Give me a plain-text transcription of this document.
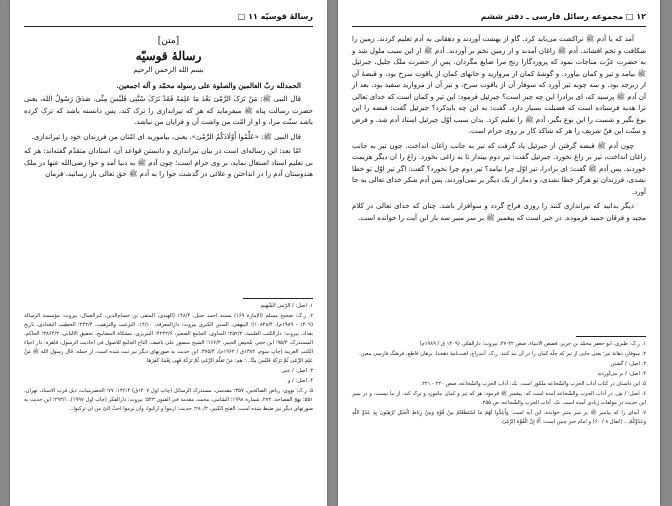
رسالهٔ قوسیّه ۱۱ □

[متن]

رسالهٔ قوسیّه

بسم الله الرحمن الرحیم

الحمدلله ربّ العالمین والصلوة علی رسوله محمّد و آله اجمعین.

قال النبی ﷺ: مَنْ تَرَکَ الرَّمْیَ بَعْدَ مَا عَلِمَهُ فَقَدْ تَرَکَ سُنَّتِی فَلَیْسَ مِنِّی. صَدَقَ رَسُولُ الله، یعنی حضرت رسالت پناه ﷺ میفرماید که هر که تیراندازی را ترک کند، پس دانسته باشد که ترک کرده باشد سنّت مرا، و او از امّت من واشت آن و فرایان من نباشد.

قال النبی ﷺ: «عَلِّمُوا أَوْلَادَکُمُ الرَّمْیَ». یعنی، بیاموزید ای امّتان من فرزندان خود را تیراندازی.

امّا بعد: این رساله‌ای است در بیان تیراندازی و دانستن قواعد آن، استادان متقدّم گفته‌اند: هر که بی تعلیم استاد اشتغال نماید، بر وی حرام است؛ چون آدم ﷺ به دنیا آمد و حوا رضی‌الله عنها در ملک هندوستان آدم را در انداختن و علائی در گذشت حوا را به آدم ﷺ حق تعالی باز رسانید، فرمان

۱. اصل: / الرّمی الشّهیم
۲. ر.ک: صحیح مسلم (الإمارة ۱۶۹) مسند احمد حنبل، ۱۴۸/۴ (الهندی، المتقی بن حسام‌الدین، کنزالعمال، بیروت: مؤسسة الرسالة (۱۴۰۹ - ۱۹۸۹م)، ۱۰۸۴۸/۴)؛ البیهقی، السنن الکبری بیروت: دارالمعرفة، ۱۴/۱۰، الترغیب والترهیب، ۲۴۲/۴؛ الخطیب البغدادی، تاریخ بغداد، بیروت: دارالکتب العلمیة، ۲۵۲/۲؛ المناوی، الجامع الصغیر، ۴۲۴۲/۶؛ التبریزی، مشکاة المصابیح، تحقیق الالبانی، ۳۸۶۴/۲؛ الحاکم، المستدرک، ۹۵/۲؛ ابن حجر، تلخیص الحبیر، ۱۶۶/۴؛ الشیخ منصور علی ناصف، التاج الجامع للاصول فی احادیث الرسول، قاهره: دار احیاء الکتب العربیة (چاپ سوم، ۱۳۸۲ق / ۱۹۶۲م)، ۳۷۵/۴. این حدیث به صورتهای دیگر نیز ثبت شده است، از جمله: قال رسول الله ﷺ مَنْ عَلِمَ الرَّمْیَ ثُمَّ تَرَکَهُ فَلَیْسَ مِنَّا...؛ هم: مَنْ تَعَلَّمَ الرَّمْیَ ثُمَّ تَرَکَهُ فَهِیَ نِعْمَةٌ کَفَرَهَا.
۳. اصل: / عنی
۴. اصل: / و
۵. ر.ک: نووی، ریاض الصالحین، ۳۵۷؛ مقدسی، مستدرک الرسائل (چاپ اول ۱۴۰۷ق) ۱۳/۱۴: ۷۷؛ الحضرمیات، ذیل قرب الاسناد، تهران، ۵۵۱؛ نهج الفصاحة، ۲۷۲، شماره ۱۹۹۸؛ الشامی، محمد، مقدمة فی الفنون ۵۴۳؛ بیروت: دارالفکر (چاپ اول ۱۹۹۷)، ۲۹۳/۱؛ این حدیث به صورتهای دیگر نیز ضبط شده است: الفتح الکبیر، ۲۸۰/۲؛ حدیث: ارموا و ارکبوا، وان ترموا احبّ الیّ من ان ترکبوا...
۱۲ □ مجموعه رسائل فارسی ـ دفتر ششم

آمد که یا آدم ﷺ تراکشت می‌باید کرد. گاو از بهشت آوردند و دهقانی به آدم تعلیم کردند. زمین را شکافت و تخم افشاند. آدم ﷺ زاغان آمدند و از زمین تخم بر آوردند. آدم ﷺ از این سبب ملول شد و به حضرت عزّت مناجات نمود که پروردگارا رنج مرا ضایع مگردان. پس از حضرت ملک جلیل، جبرئیل ﷺ بیامد و تیر و کمان بیاورد. و گوشهٔ کمان از مروارید و خانهای کمان از یاقوت سرخ بود، و قبضهٔ آن از زبرجد بود. و سه چوبه تیر آورد که سوفار آن از یاقوت سرخ، و نیز آن از مروارید سفید بود. بعد از آن آدم ﷺ پرسید که، ای برادرا این چه چیز است؟ جبرئیل فرمود: این تیر و کمان است که خدای تعالی ترا هدیه فرستاده است که فضیلت بسیار دارد. گفت: به این چه بایدکرد؟ جبرئیل گفت: قبضه را این نوع بگیر و شست را این نوع بگیر، آدم ﷺ را تعلیم کرد. بدان سبب اوّل جبرئیل استاد آدم شد. و فرض و سنّت این فنّ شریف را هر که شاکد کار بر روی حرام است.

چون آدم ﷺ قبضه گرفتن از جبرئیل یاد گرفت که تیر به جانب زاغان انداخت. چون تیر به جانب زاغان انداخت، تیر بر زاغ نخورد. جبرئیل گفت: تیر دوم بینداز تا به زاغی بخورد. زاغ را ان دیگر هزیمت خوردند. پس آدم ﷺ گفت: ای برادرا، تیر اوّل چرا نیامد؟ تیر دوم چرا نخورد؟ گفت: اگر تیر اوّل تو خطا نشدی، فرزندان تو هرگز خطا نشدی، و دمار از یک دیگر بر نمی‌آوردند. پس آدم شکر خدای تعالی به جا آورد.

دیگر بدانید که تیراندازی کنند را روزی فراخ گردد و سوافزار باشد. چنان که خدای تعالی در کلام مجید و فرقان حمید فرموده. در خبر است که پیغمبر ﷺ بر سر منبر سه بار این آیت را خوانده است.

۱. ر.ک: طبری، ابو جعفر محمّد بن جریر، قصص الانبیاء، صص ۴۲-۴۷، بیروت: دارالفکر، (۱۴۰۹ ق / ۱۹۸۹م)
۲. سوفار، دهانهٔ تیر؛ یعنی جایی از تیر که چلّه کمان را در آن بند کنند. ر.ک. آنندراج، لغت‌نامهٔ دهخدا، برهان قاطع، فرهنگ فارسی معین.
۳. اصل: / گشتن
۴. اصل: / بر می‌آوردند
۵. این داستان در کتاب آداب الحرب والشّجاعه ملکور است. نک: آداب الحرب والشّجاعه، صص ۲۲۰ - ۲۲۱.
۶. اصل: / ش. در آداب الحرب والشّجاعه آمده است که: پیغمبر ﷺ فرمود: هر که تیر و کمان بیاموزد و ترک کند، از ما نیست. و در سیر این حدیث در مولفات زیادی آمده است. نک: آداب الحرب والشّجاعه، ص ۲۵۵.
۷. آیه‌ای را که پیامبر ﷺ بر سر منبر خوانده، این آیه است: وَأَعِدُّوا لَهُمْ مَا اسْتَطَعْتُمْ مِنْ قُوَّةٍ وَمِنْ رِبَاطِ الْخَیْلِ تُرْهِبُونَ بِهِ عَدُوَّ اللَّهِ وَعَدُوَّکُمْ... (انفال ۸ / ۶۰) و امام خبر چنین است: أَلَا إِنَّ الْقُوَّةَ الرَّمْیُ.
